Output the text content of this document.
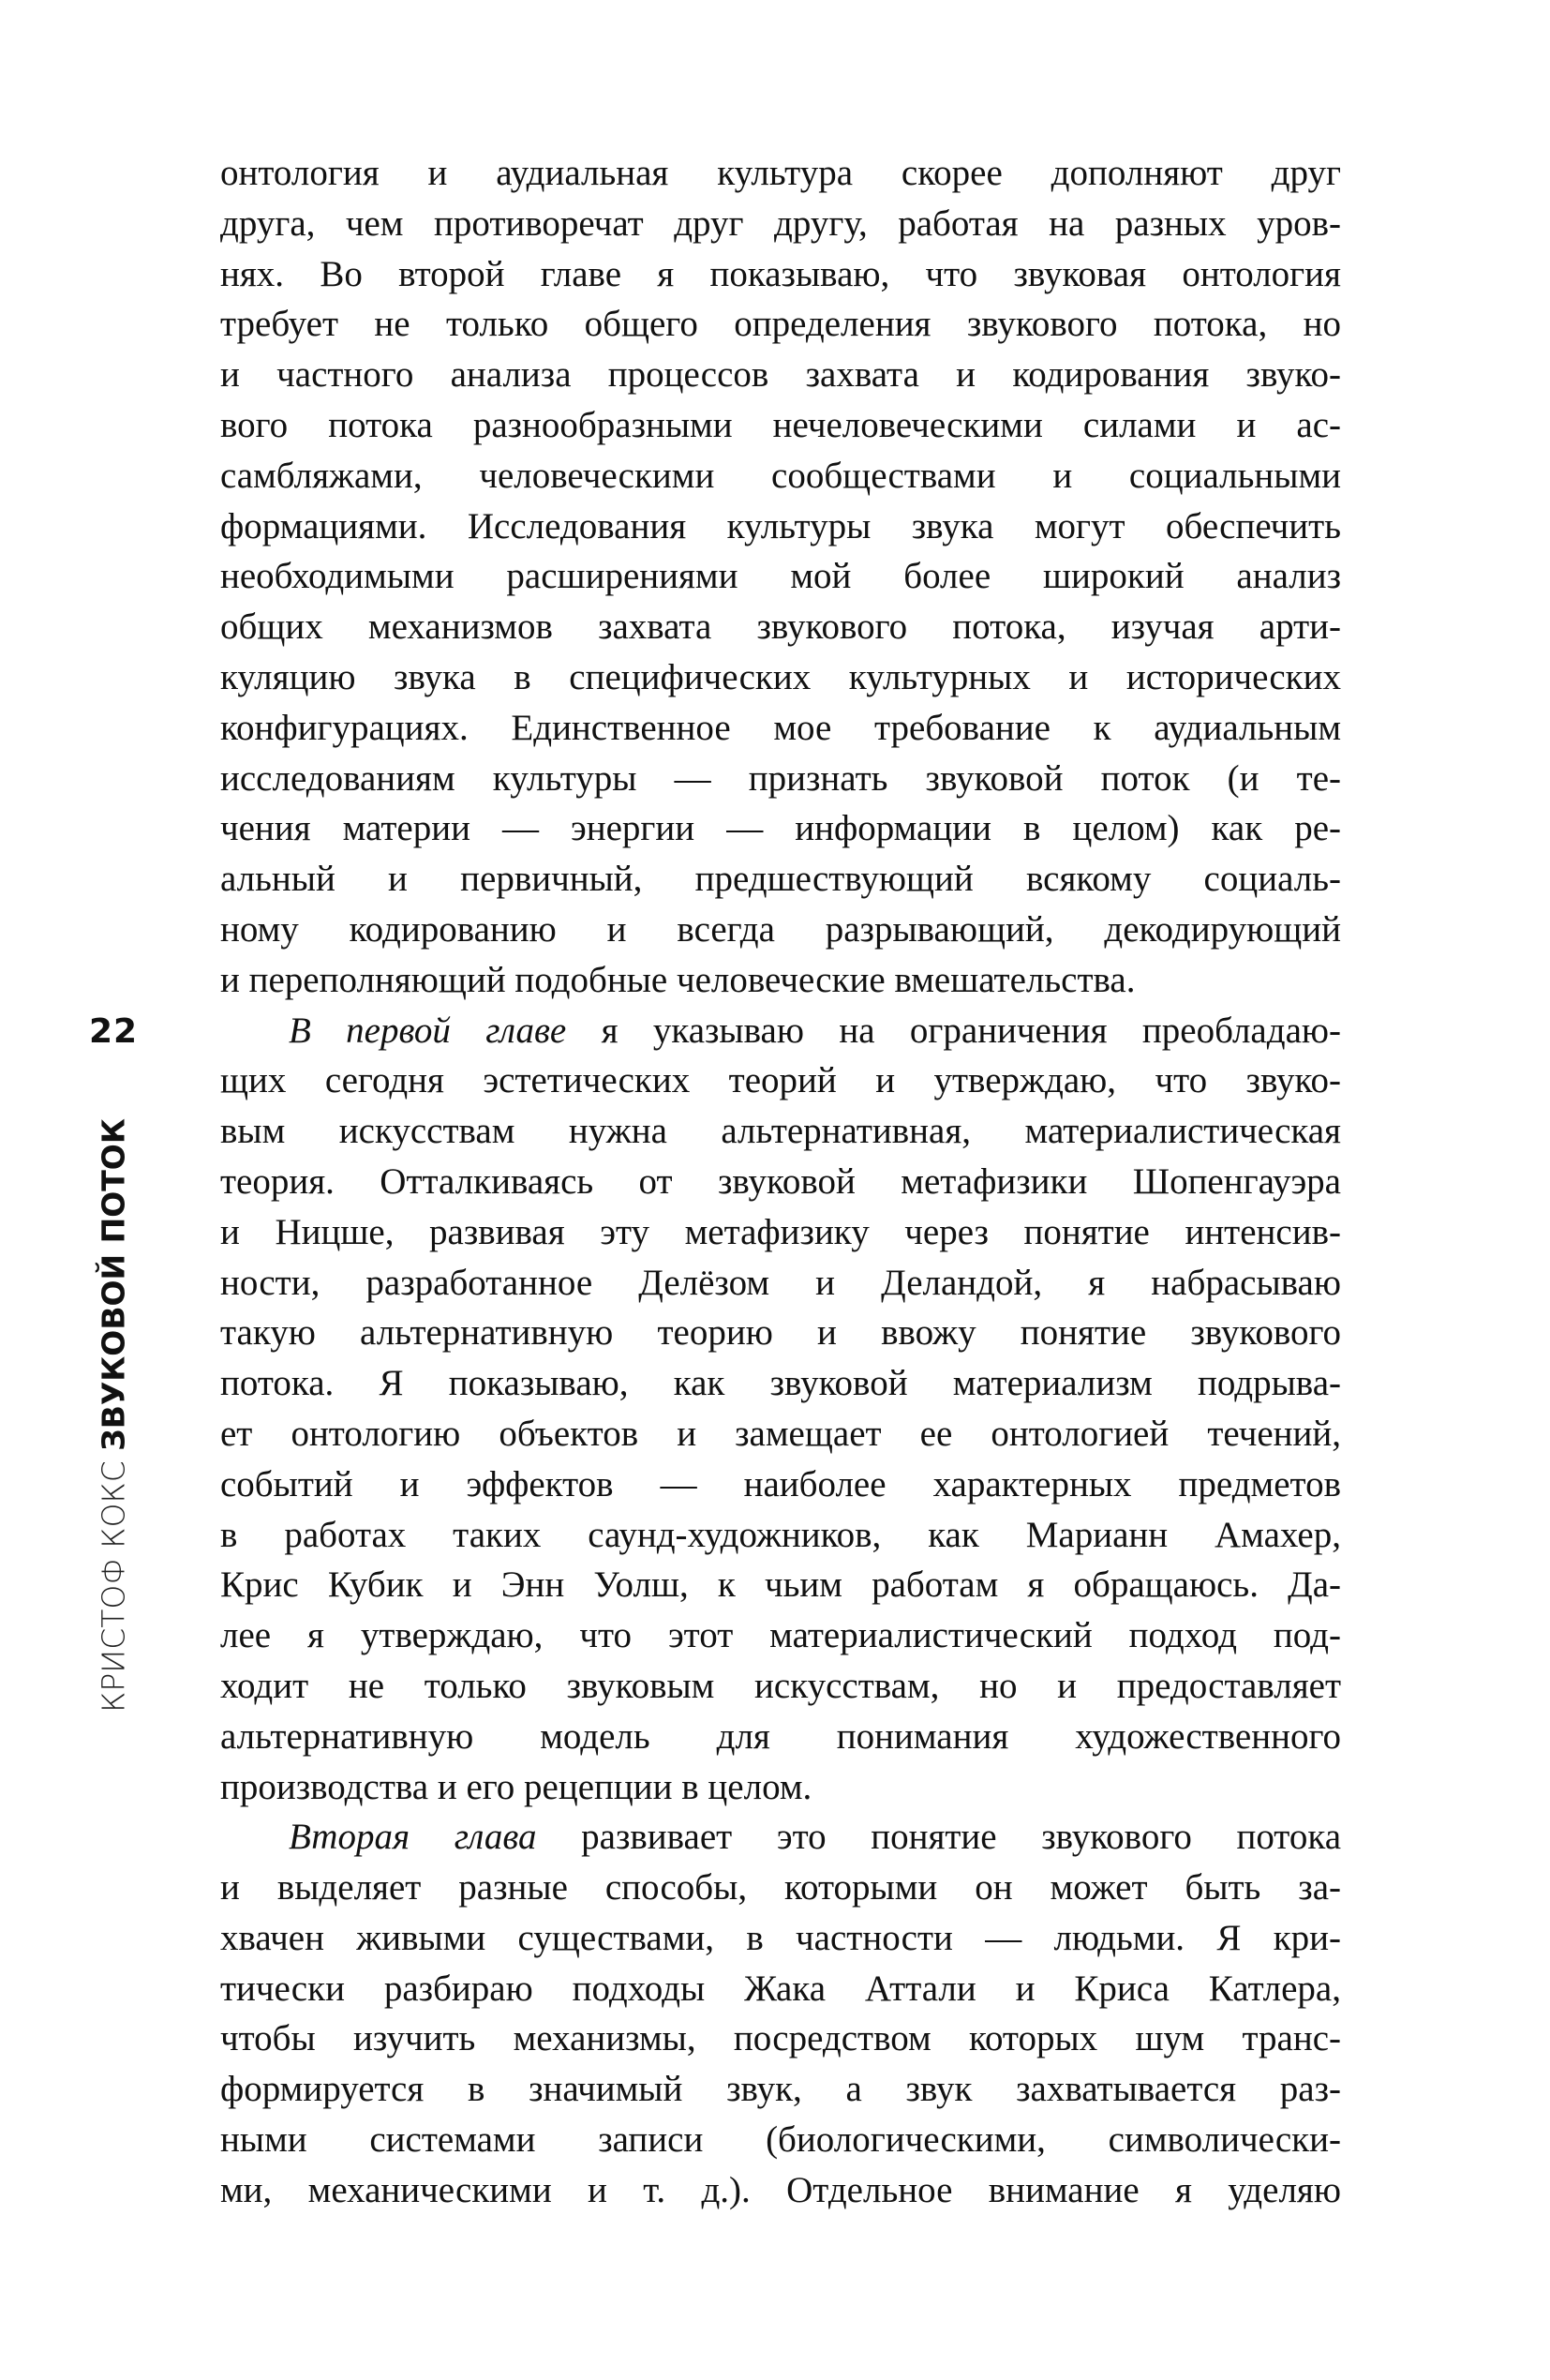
22
КРИСТОФ КОКС ЗВУКОВОЙ ПОТОК
онтология и аудиальная культура скорее дополняют друг
друга, чем противоречат друг другу, работая на разных уров-
нях. Во второй главе я показываю, что звуковая онтология
требует не только общего определения звукового потока, но
и частного анализа процессов захвата и кодирования звуко-
вого потока разнообразными нечеловеческими силами и ас-
самбляжами, человеческими сообществами и социальными
формациями. Исследования культуры звука могут обеспечить
необходимыми расширениями мой более широкий анализ
общих механизмов захвата звукового потока, изучая арти-
куляцию звука в специфических культурных и исторических
конфигурациях. Единственное мое требование к аудиальным
исследованиям культуры — признать звуковой поток (и те-
чения материи — энергии — информации в целом) как ре-
альный и первичный, предшествующий всякому социаль-
ному кодированию и всегда разрывающий, декодирующий
и переполняющий подобные человеческие вмешательства.
В первой главе я указываю на ограничения преобладаю-
щих сегодня эстетических теорий и утверждаю, что звуко-
вым искусствам нужна альтернативная, материалистическая
теория. Отталкиваясь от звуковой метафизики Шопенгауэра
и Ницше, развивая эту метафизику через понятие интенсив-
ности, разработанное Делёзом и Деландой, я набрасываю
такую альтернативную теорию и ввожу понятие звукового
потока. Я показываю, как звуковой материализм подрыва-
ет онтологию объектов и замещает ее онтологией течений,
событий и эффектов — наиболее характерных предметов
в работах таких саунд-художников, как Марианн Амахер,
Крис Кубик и Энн Уолш, к чьим работам я обращаюсь. Да-
лее я утверждаю, что этот материалистический подход под-
ходит не только звуковым искусствам, но и предоставляет
альтернативную модель для понимания художественного
производства и его рецепции в целом.
Вторая глава развивает это понятие звукового потока
и выделяет разные способы, которыми он может быть за-
хвачен живыми существами, в частности — людьми. Я кри-
тически разбираю подходы Жака Аттали и Криса Катлера,
чтобы изучить механизмы, посредством которых шум транс-
формируется в значимый звук, а звук захватывается раз-
ными системами записи (биологическими, символически-
ми, механическими и т. д.). Отдельное внимание я уделяю
